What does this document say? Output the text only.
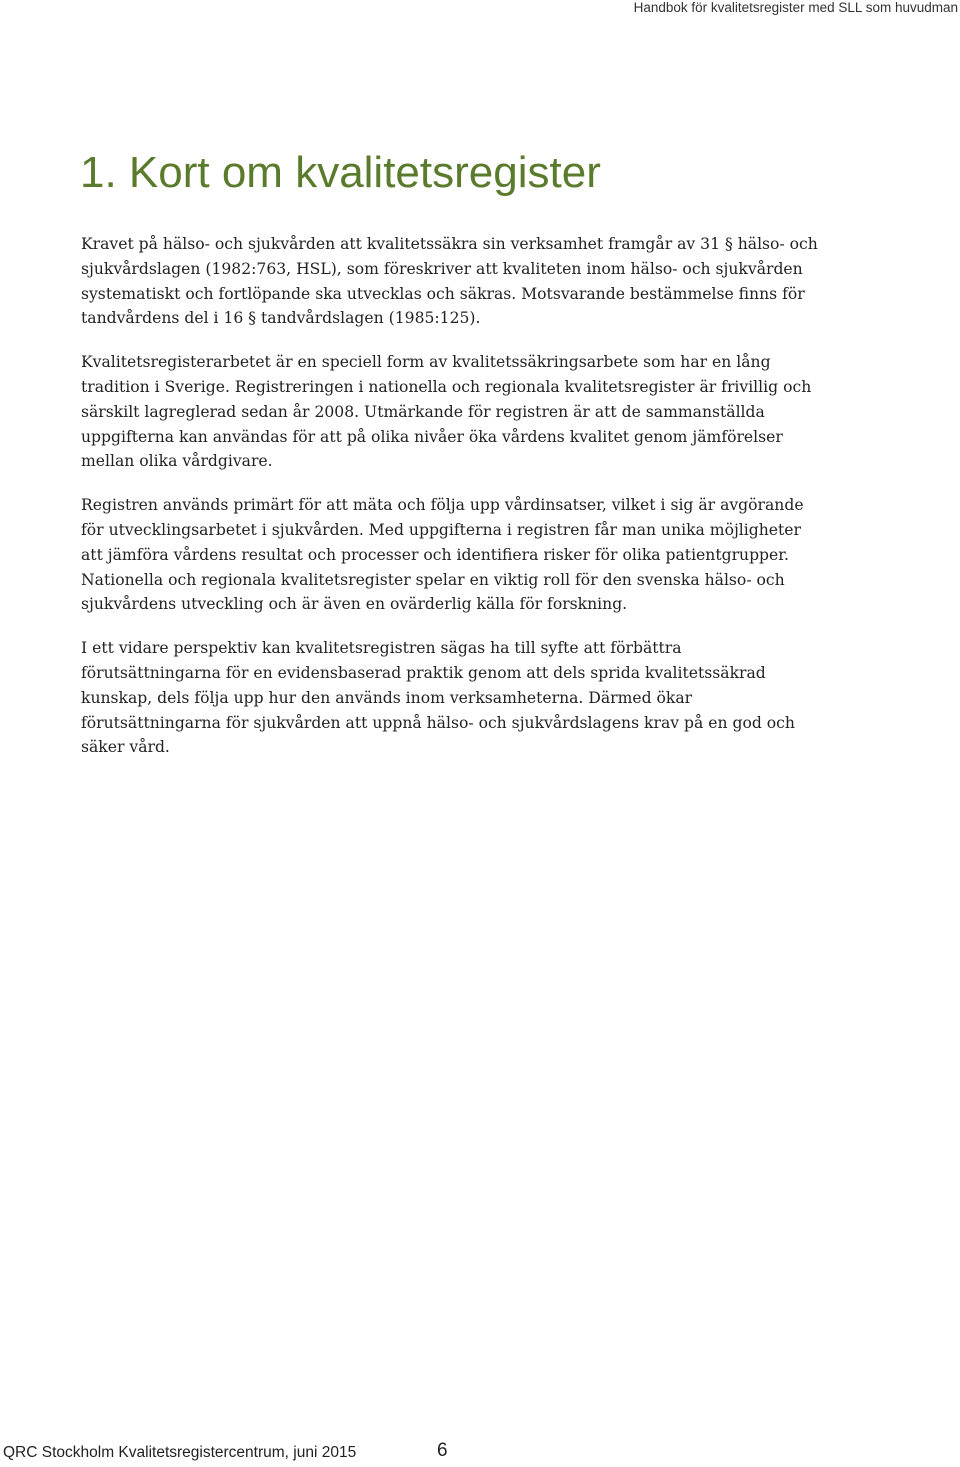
Handbok för kvalitetsregister med SLL som huvudman
1. Kort om kvalitetsregister

Kravet på hälso- och sjukvården att kvalitetssäkra sin verksamhet framgår av 31 § hälso- och sjukvårdslagen (1982:763, HSL), som föreskriver att kvaliteten inom hälso- och sjukvården systematiskt och fortlöpande ska utvecklas och säkras. Motsvarande bestämmelse finns för tandvårdens del i 16 § tandvårdslagen (1985:125).

Kvalitetsregisterarbetet är en speciell form av kvalitetssäkringsarbete som har en lång tradition i Sverige. Registreringen i nationella och regionala kvalitetsregister är frivillig och särskilt lagreglerad sedan år 2008. Utmärkande för registren är att de sammanställda uppgifterna kan användas för att på olika nivåer öka vårdens kvalitet genom jämförelser mellan olika vårdgivare.

Registren används primärt för att mäta och följa upp vårdinsatser, vilket i sig är avgörande för utvecklingsarbetet i sjukvården. Med uppgifterna i registren får man unika möjligheter att jämföra vårdens resultat och processer och identifiera risker för olika patientgrupper. Nationella och regionala kvalitetsregister spelar en viktig roll för den svenska hälso- och sjukvårdens utveckling och är även en ovärderlig källa för forskning.

I ett vidare perspektiv kan kvalitetsregistren sägas ha till syfte att förbättra förutsättningarna för en evidensbaserad praktik genom att dels sprida kvalitetssäkrad kunskap, dels följa upp hur den används inom verksamheterna. Därmed ökar förutsättningarna för sjukvården att uppnå hälso- och sjukvårdslagens krav på en god och säker vård.

QRC Stockholm Kvalitetsregistercentrum, juni 2015	6
